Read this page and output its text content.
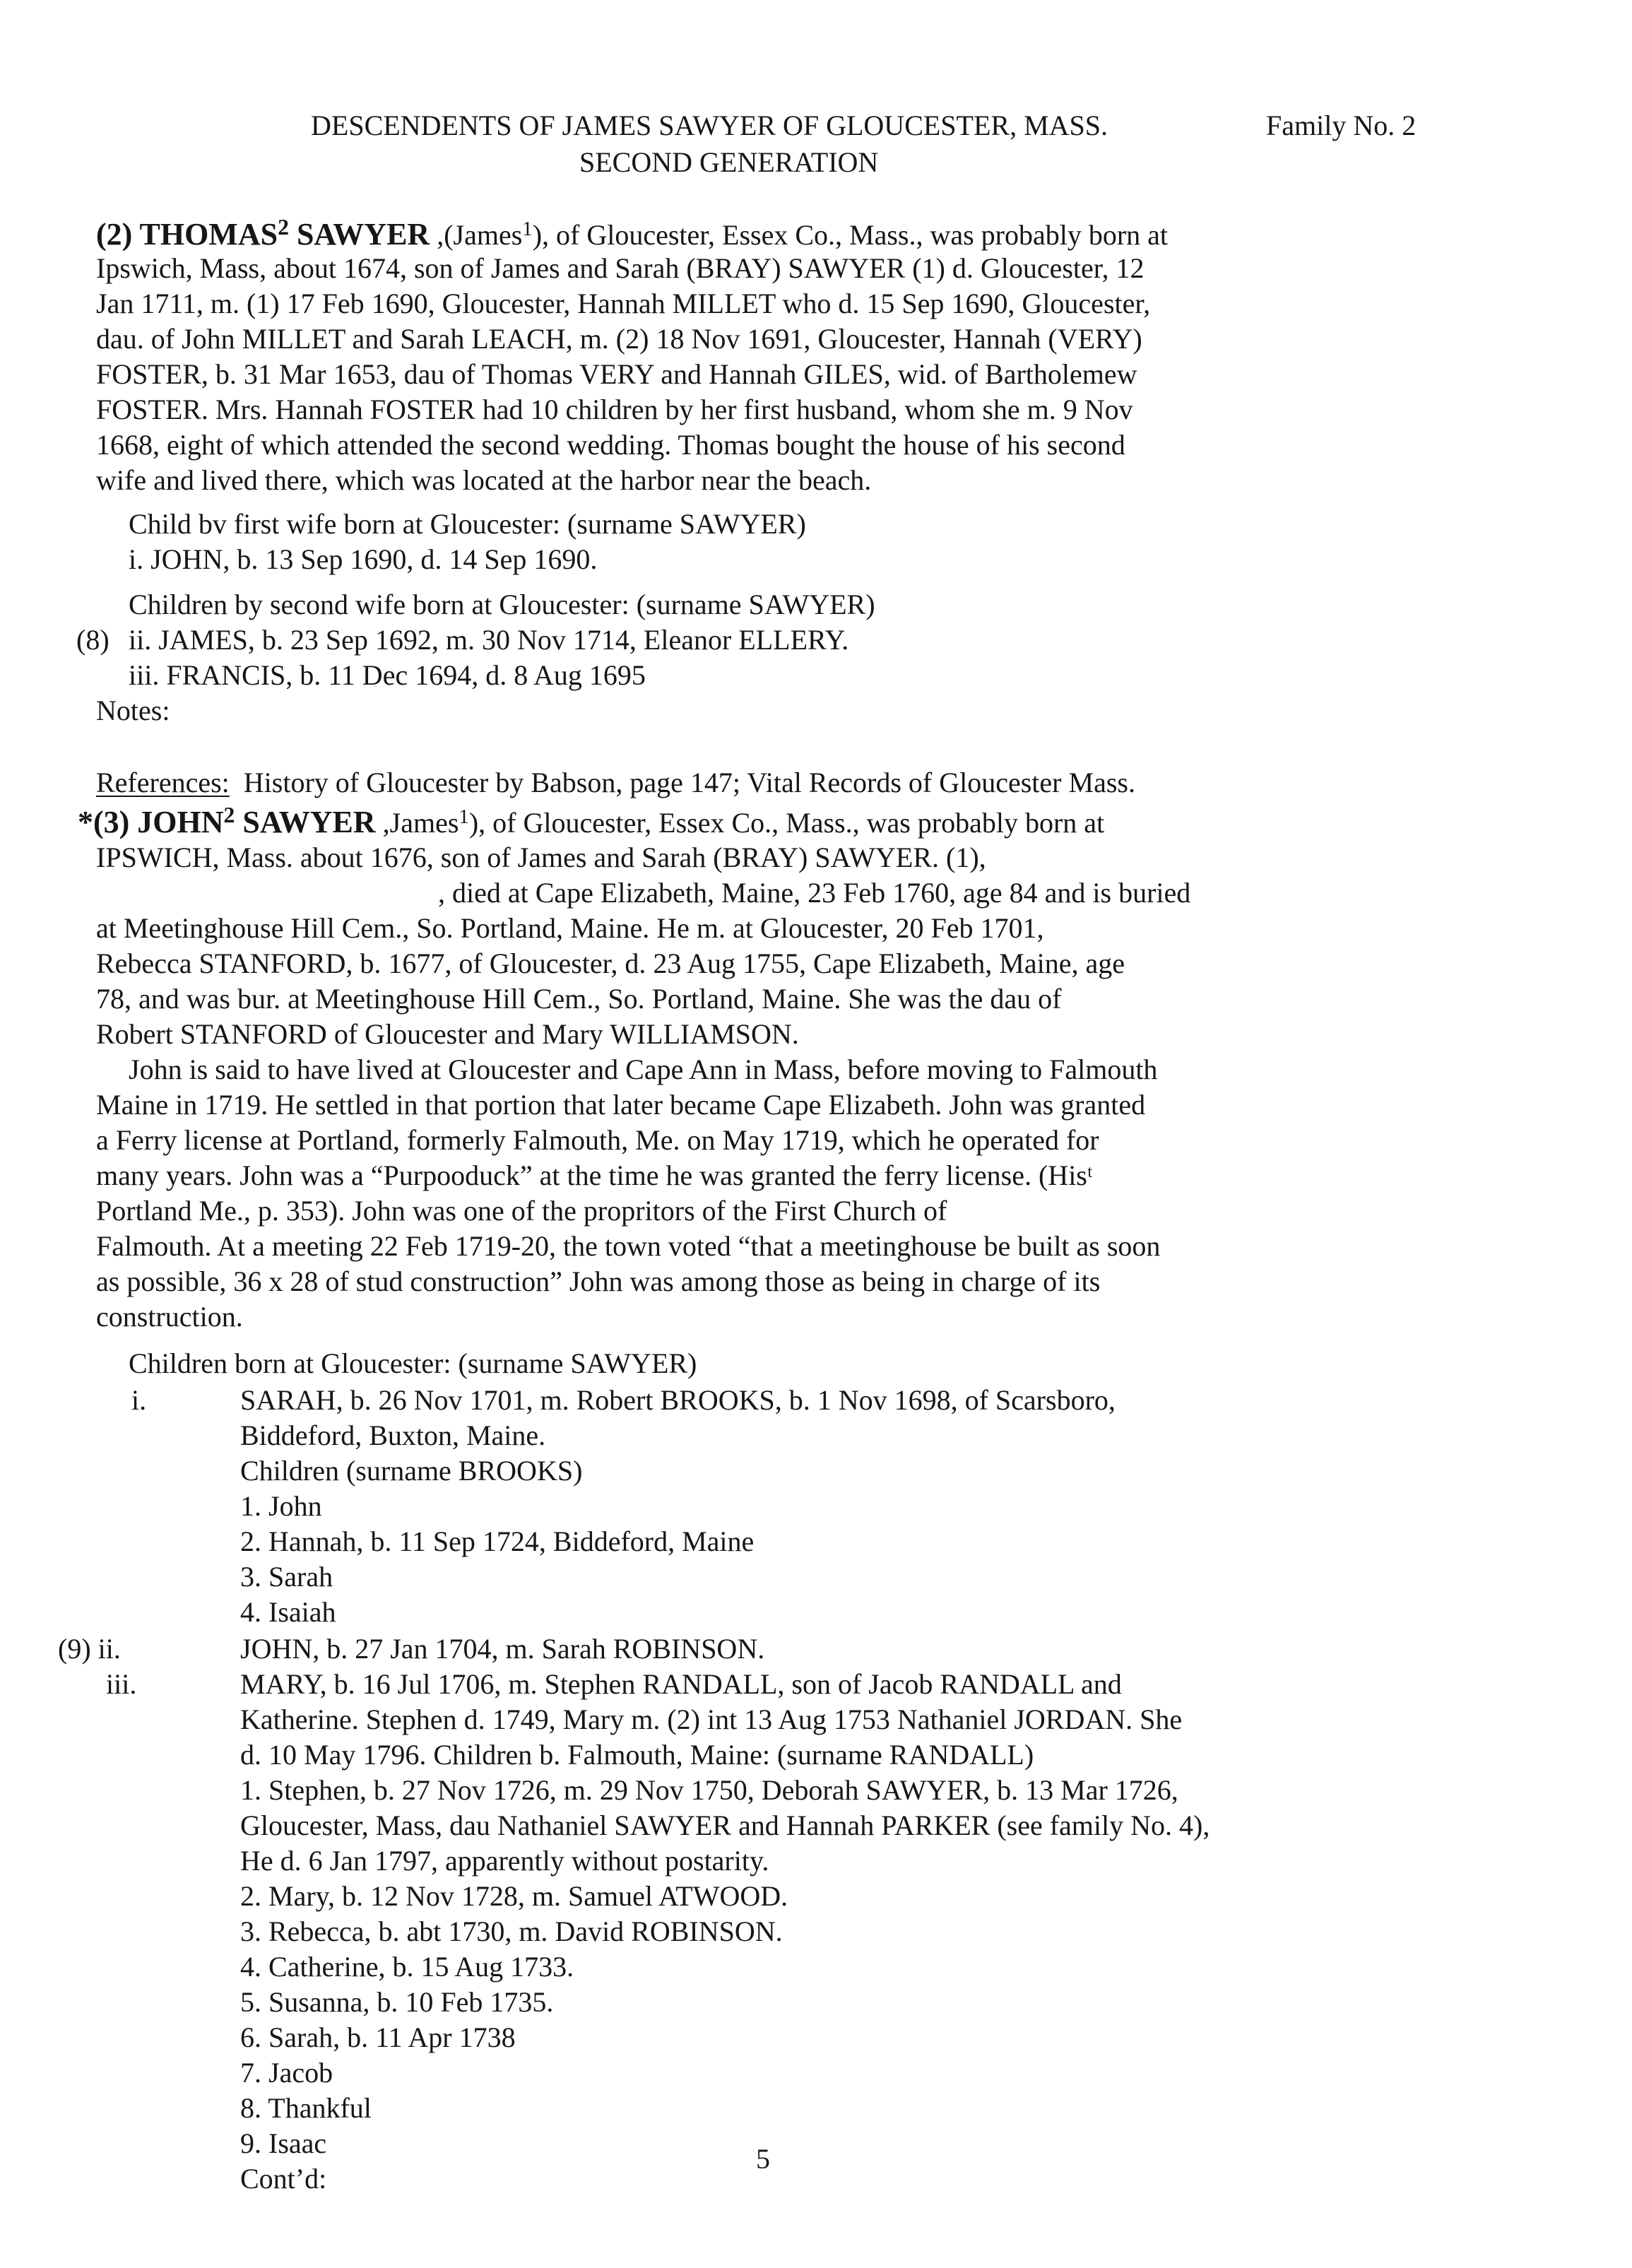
DESCENDENTS OF JAMES SAWYER OF GLOUCESTER, MASS.	Family No. 2
SECOND GENERATION
(2) THOMAS$^2$ SAWYER ,(James$^1$), of Gloucester, Essex Co., Mass., was probably born at
Ipswich, Mass, about 1674, son of James and Sarah (BRAY) SAWYER (1) d. Gloucester, 12
Jan 1711, m. (1) 17 Feb 1690, Gloucester, Hannah MILLET who d. 15 Sep 1690, Gloucester,
dau. of John MILLET and Sarah LEACH, m. (2) 18 Nov 1691, Gloucester, Hannah (VERY)
FOSTER, b. 31 Mar 1653, dau of Thomas VERY and Hannah GILES, wid. of Bartholemew
FOSTER. Mrs. Hannah FOSTER had 10 children by her first husband, whom she m. 9 Nov
1668, eight of which attended the second wedding. Thomas bought the house of his second
wife and lived there, which was located at the harbor near the beach.
Child bv first wife born at Gloucester: (surname SAWYER)
i. JOHN, b. 13 Sep 1690, d. 14 Sep 1690.
Children by second wife born at Gloucester: (surname SAWYER)
(8) ii. JAMES, b. 23 Sep 1692, m. 30 Nov 1714, Eleanor ELLERY.
iii. FRANCIS, b. 11 Dec 1694, d. 8 Aug 1695
Notes:
References: History of Gloucester by Babson, page 147; Vital Records of Gloucester Mass.
*(3) JOHN$^2$ SAWYER ,James$^1$), of Gloucester, Essex Co., Mass., was probably born at
IPSWICH, Mass. about 1676, son of James and Sarah (BRAY) SAWYER. (1),
, died at Cape Elizabeth, Maine, 23 Feb 1760, age 84 and is buried
at Meetinghouse Hill Cem., So. Portland, Maine. He m. at Gloucester, 20 Feb 1701,
Rebecca STANFORD, b. 1677, of Gloucester, d. 23 Aug 1755, Cape Elizabeth, Maine, age
78, and was bur. at Meetinghouse Hill Cem., So. Portland, Maine. She was the dau of
Robert STANFORD of Gloucester and Mary WILLIAMSON.
John is said to have lived at Gloucester and Cape Ann in Mass, before moving to Falmouth
Maine in 1719. He settled in that portion that later became Cape Elizabeth. John was granted
a Ferry license at Portland, formerly Falmouth, Me. on May 1719, which he operated for
many years. John was a “Purpooduck” at the time he was granted the ferry license. (Hisᵗ
Portland Me., p. 353). John was one of the propritors of the First Church of
Falmouth. At a meeting 22 Feb 1719-20, the town voted “that a meetinghouse be built as soon
as possible, 36 x 28 of stud construction” John was among those as being in charge of its
construction.
Children born at Gloucester: (surname SAWYER)
i.	SARAH, b. 26 Nov 1701, m. Robert BROOKS, b. 1 Nov 1698, of Scarsboro,
Biddeford, Buxton, Maine.
Children (surname BROOKS)
1. John
2. Hannah, b. 11 Sep 1724, Biddeford, Maine
3. Sarah
4. Isaiah
(9) ii.	JOHN, b. 27 Jan 1704, m. Sarah ROBINSON.
iii.	MARY, b. 16 Jul 1706, m. Stephen RANDALL, son of Jacob RANDALL and
Katherine. Stephen d. 1749, Mary m. (2) int 13 Aug 1753 Nathaniel JORDAN. She
d. 10 May 1796. Children b. Falmouth, Maine: (surname RANDALL)
1. Stephen, b. 27 Nov 1726, m. 29 Nov 1750, Deborah SAWYER, b. 13 Mar 1726,
Gloucester, Mass, dau Nathaniel SAWYER and Hannah PARKER (see family No. 4),
He d. 6 Jan 1797, apparently without postarity.
2. Mary, b. 12 Nov 1728, m. Samuel ATWOOD.
3. Rebecca, b. abt 1730, m. David ROBINSON.
4. Catherine, b. 15 Aug 1733.
5. Susanna, b. 10 Feb 1735.
6. Sarah, b. 11 Apr 1738
7. Jacob
8. Thankful
9. Isaac
Cont’d:
5
